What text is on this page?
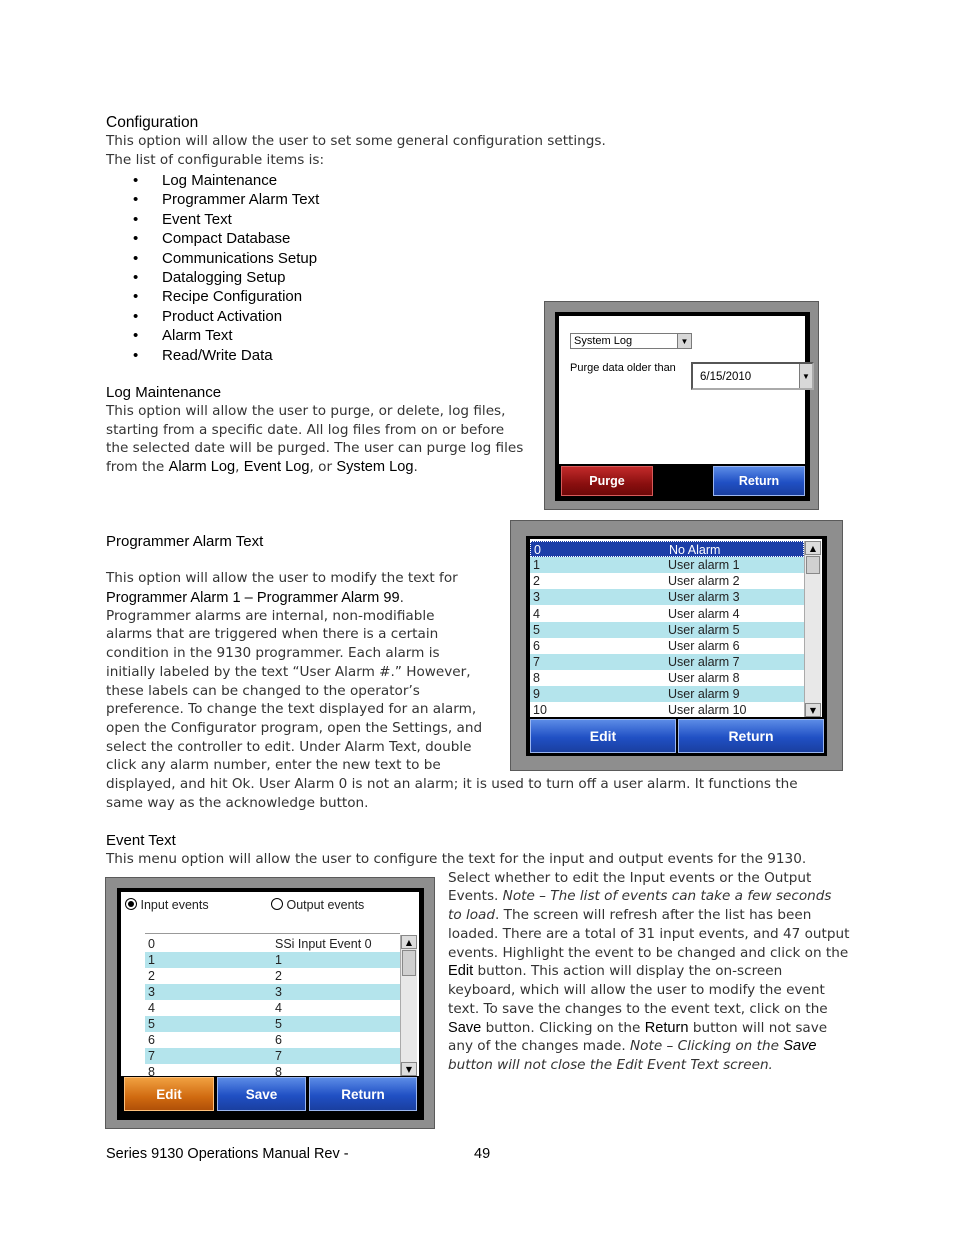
Configuration
This option will allow the user to set some general configuration settings.
The list of configurable items is:
• Log Maintenance
• Programmer Alarm Text
• Event Text
• Compact Database
• Communications Setup
• Datalogging Setup
• Recipe Configuration
• Product Activation
• Alarm Text
• Read/Write Data
Log Maintenance
This option will allow the user to purge, or delete, log files,
starting from a specific date. All log files from on or before
the selected date will be purged. The user can purge log files
from the Alarm Log, Event Log, or System Log.
System Log	▼
Purge data older than
6/15/2010	▼
Purge	Return
Programmer Alarm Text
This option will allow the user to modify the text for
Programmer Alarm 1 – Programmer Alarm 99.
Programmer alarms are internal, non-modifiable
alarms that are triggered when there is a certain
condition in the 9130 programmer. Each alarm is
initially labeled by the text “User Alarm #.” However,
these labels can be changed to the operator’s
preference. To change the text displayed for an alarm,
open the Configurator program, open the Settings, and
select the controller to edit. Under Alarm Text, double
click any alarm number, enter the new text to be
displayed, and hit Ok. User Alarm 0 is not an alarm; it is used to turn off a user alarm. It functions the
same way as the acknowledge button.
0	No Alarm
1	User alarm 1
2	User alarm 2
3	User alarm 3
4	User alarm 4
5	User alarm 5
6	User alarm 6
7	User alarm 7
8	User alarm 8
9	User alarm 9
10	User alarm 10
▲
▼
Edit	Return
Event Text
This menu option will allow the user to configure the text for the input and output events for the 9130.
Select whether to edit the Input events or the Output
Events. Note – The list of events can take a few seconds
to load. The screen will refresh after the list has been
loaded. There are a total of 31 input events, and 47 output
events. Highlight the event to be changed and click on the
Edit button. This action will display the on-screen
keyboard, which will allow the user to modify the event
text. To save the changes to the event text, click on the
Save button. Clicking on the Return button will not save
any of the changes made. Note – Clicking on the Save
button will not close the Edit Event Text screen.
Input events	Output events
0	SSi Input Event 0
1	1
2	2
3	3
4	4
5	5
6	6
7	7
8	8
▲
▼
Edit	Save	Return
Series 9130 Operations Manual Rev -	49
